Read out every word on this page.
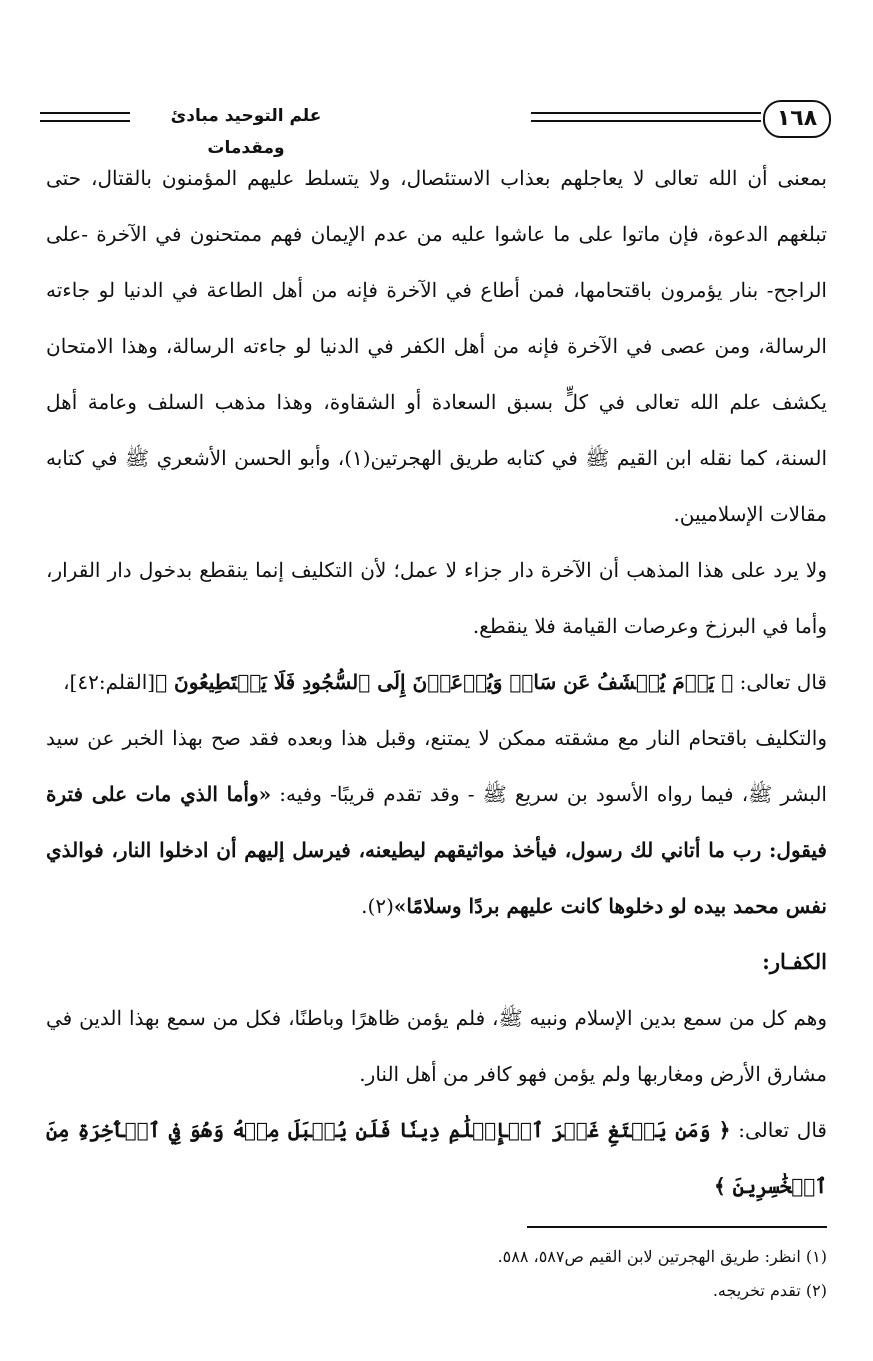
١٦٨
علم التوحيد مبادئ ومقدمات

بمعنى أن الله تعالى لا يعاجلهم بعذاب الاستئصال، ولا يتسلط عليهم المؤمنون بالقتال، حتى تبلغهم الدعوة، فإن ماتوا على ما عاشوا عليه من عدم الإيمان فهم ممتحنون في الآخرة -على الراجح- بنار يؤمرون باقتحامها، فمن أطاع في الآخرة فإنه من أهل الطاعة في الدنيا لو جاءته الرسالة، ومن عصى في الآخرة فإنه من أهل الكفر في الدنيا لو جاءته الرسالة، وهذا الامتحان يكشف علم الله تعالى في كلٍّ بسبق السعادة أو الشقاوة، وهذا مذهب السلف وعامة أهل السنة، كما نقله ابن القيم ﷺ في كتابه طريق الهجرتين(١)، وأبو الحسن الأشعري ﷺ في كتابه مقالات الإسلاميين.

ولا يرد على هذا المذهب أن الآخرة دار جزاء لا عمل؛ لأن التكليف إنما ينقطع بدخول دار القرار، وأما في البرزخ وعرصات القيامة فلا ينقطع.

قال تعالى: ﴿ يَوۡمَ يُكۡشَفُ عَن سَاقٖ وَيُدۡعَوۡنَ إِلَى ٱلسُّجُودِ فَلَا يَسۡتَطِيعُونَ ﴾[القلم:٤٢]،

والتكليف باقتحام النار مع مشقته ممكن لا يمتنع، وقبل هذا وبعده فقد صح بهذا الخبر عن سيد البشر ﷺ، فيما رواه الأسود بن سريع ﷺ - وقد تقدم قريبًا- وفيه: «وأما الذي مات على فترة فيقول: رب ما أتاني لك رسول، فيأخذ مواثيقهم ليطيعنه، فيرسل إليهم أن ادخلوا النار، فوالذي نفس محمد بيده لو دخلوها كانت عليهم بردًا وسلامًا»(٢).

الكفـار:

وهم كل من سمع بدين الإسلام ونبيه ﷺ، فلم يؤمن ظاهرًا وباطنًا، فكل من سمع بهذا الدين في مشارق الأرض ومغاربها ولم يؤمن فهو كافر من أهل النار.

قال تعالى: ﴿ وَمَن يَبۡتَغِ غَيۡرَ ٱلۡإِسۡلَٰمِ دِينٗا فَلَن يُقۡبَلَ مِنۡهُ وَهُوَ فِي ٱلۡأٓخِرَةِ مِنَ ٱلۡخَٰسِرِينَ ﴾

(١) انظر: طريق الهجرتين لابن القيم ص٥٨٧، ٥٨٨.

(٢) تقدم تخريجه.
